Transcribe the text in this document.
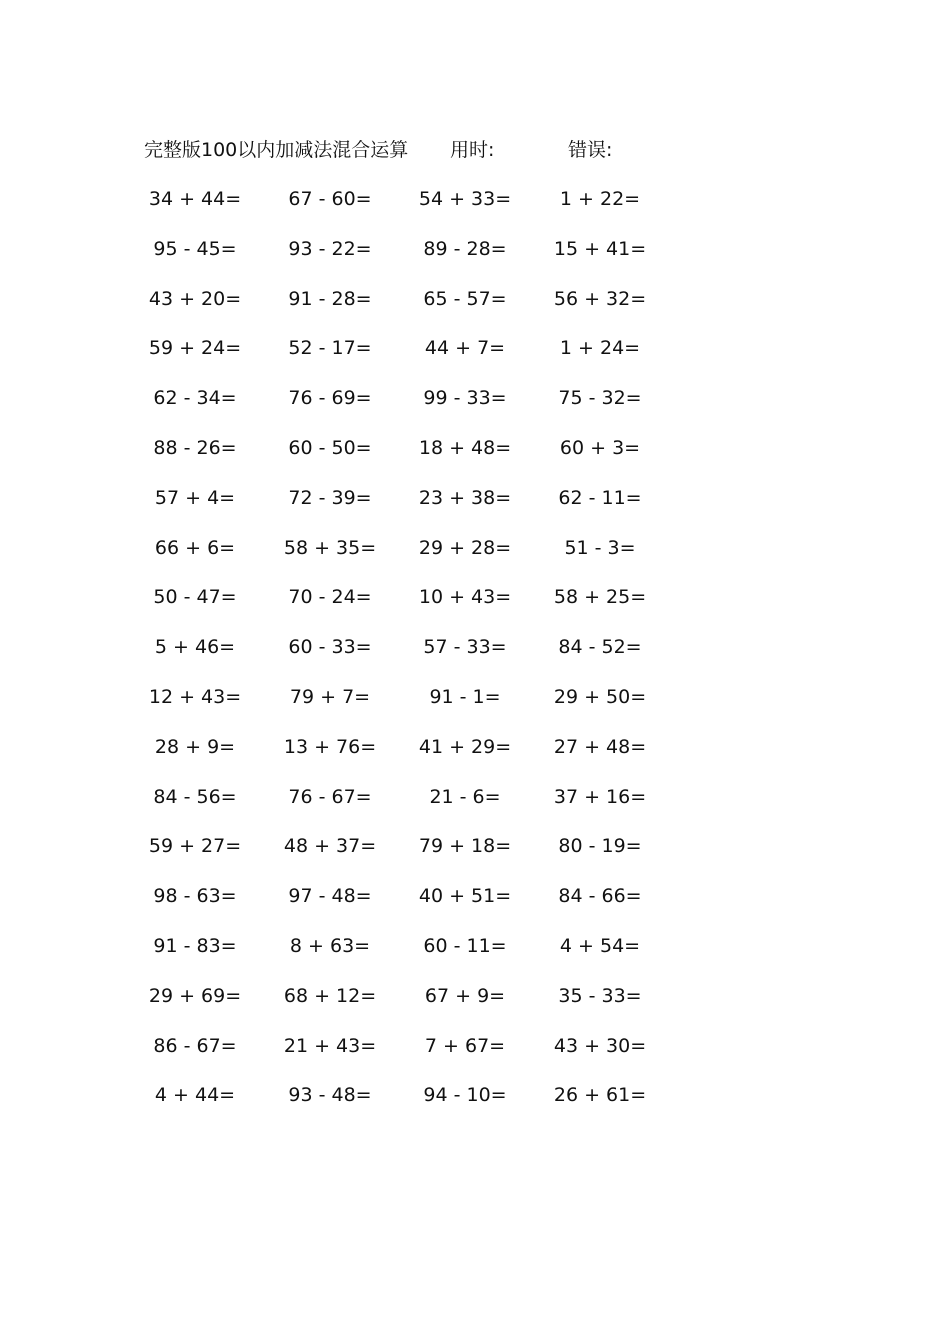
完整版100以内加减法混合运算 用时:	错误:
34 + 44=	67 - 60=	54 + 33=	1 + 22=
95 - 45=	93 - 22=	89 - 28=	15 + 41=
43 + 20=	91 - 28=	65 - 57=	56 + 32=
59 + 24=	52 - 17=	44 + 7=	1 + 24=
62 - 34=	76 - 69=	99 - 33=	75 - 32=
88 - 26=	60 - 50=	18 + 48=	60 + 3=
57 + 4=	72 - 39=	23 + 38=	62 - 11=
66 + 6=	58 + 35=	29 + 28=	51 - 3=
50 - 47=	70 - 24=	10 + 43=	58 + 25=
5 + 46=	60 - 33=	57 - 33=	84 - 52=
12 + 43=	79 + 7=	91 - 1=	29 + 50=
28 + 9=	13 + 76=	41 + 29=	27 + 48=
84 - 56=	76 - 67=	21 - 6=	37 + 16=
59 + 27=	48 + 37=	79 + 18=	80 - 19=
98 - 63=	97 - 48=	40 + 51=	84 - 66=
91 - 83=	8 + 63=	60 - 11=	4 + 54=
29 + 69=	68 + 12=	67 + 9=	35 - 33=
86 - 67=	21 + 43=	7 + 67=	43 + 30=
4 + 44=	93 - 48=	94 - 10=	26 + 61=
